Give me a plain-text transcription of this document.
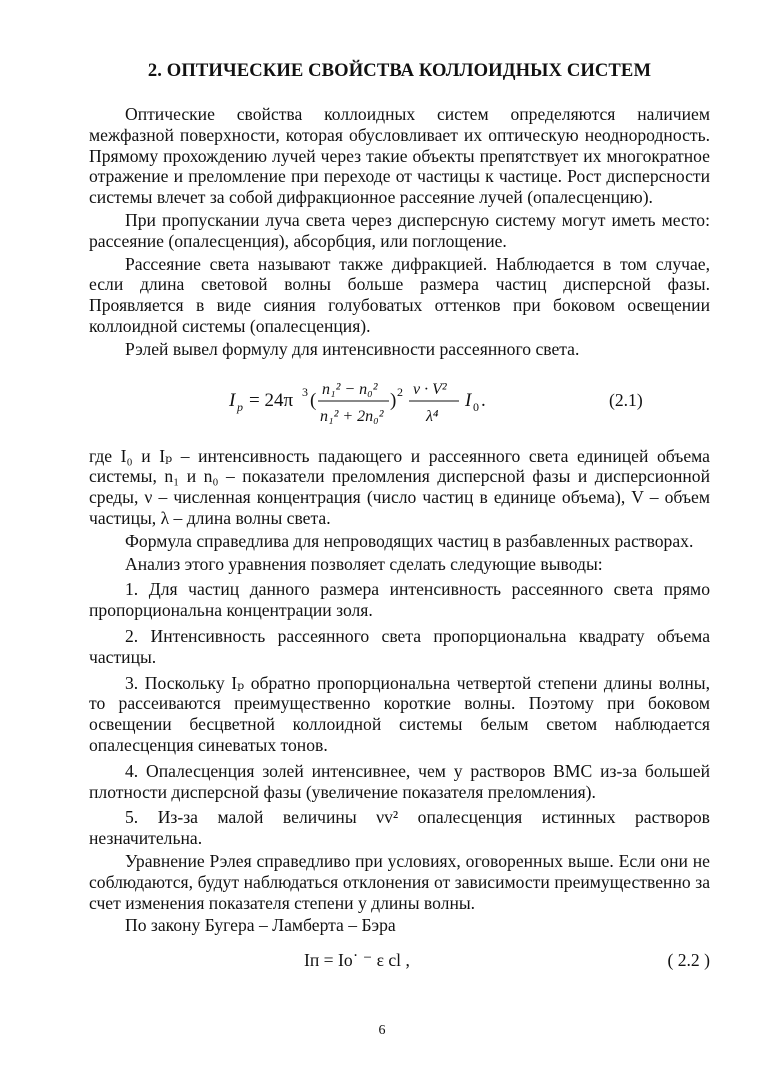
2. ОПТИЧЕСКИЕ СВОЙСТВА КОЛЛОИДНЫХ СИСТЕМ

Оптические свойства коллоидных систем определяются наличием межфазной поверхности, которая обусловливает их оптическую неоднородность. Прямому прохождению лучей через такие объекты препятствует их многократное отражение и преломление при переходе от частицы к частице. Рост дисперсности системы влечет за собой дифракционное рассеяние лучей (опалесценцию).

При пропускании луча света через дисперсную систему могут иметь место: рассеяние (опалесценция), абсорбция, или поглощение.

Рассеяние света называют также дифракцией. Наблюдается в том случае, если длина световой волны больше размера частиц дисперсной фазы. Проявляется в виде сияния голубоватых оттенков при боковом освещении коллоидной системы (опалесценция).

Рэлей вывел формулу для интенсивности рассеянного света.

I p = 24π 3 (
n₁² − n₀²
n₁² + 2n₀²
) 2 ν · V²
λ⁴
I 0 .	(2.1)

где I₀ и Iₚ – интенсивность падающего и рассеянного света единицей объема системы, n₁ и n₀ – показатели преломления дисперсной фазы и дисперсионной среды, ν – численная концентрация (число частиц в единице объема), V – объем частицы, λ – длина волны света.

Формула справедлива для непроводящих частиц в разбавленных растворах.

Анализ этого уравнения позволяет сделать следующие выводы:

1. Для частиц данного размера интенсивность рассеянного света прямо пропорциональна концентрации золя.

2. Интенсивность рассеянного света пропорциональна квадрату объема частицы.

3. Поскольку Iₚ обратно пропорциональна четвертой степени длины волны, то рассеиваются преимущественно короткие волны. Поэтому при боковом освещении бесцветной коллоидной системы белым светом наблюдается опалесценция синеватых тонов.

4. Опалесценция золей интенсивнее, чем у растворов ВМС из-за большей плотности дисперсной фазы (увеличение показателя преломления).

5. Из-за малой величины νv² опалесценция истинных растворов незначительна.

Уравнение Рэлея справедливо при условиях, оговоренных выше. Если они не соблюдаются, будут наблюдаться отклонения от зависимости преимущественно за счет изменения показателя степени у длины волны.

По закону Бугера – Ламберта – Бэра

Iп = Iо͏˙ ͏⁻ ε cl ,	( 2.2 )
6
